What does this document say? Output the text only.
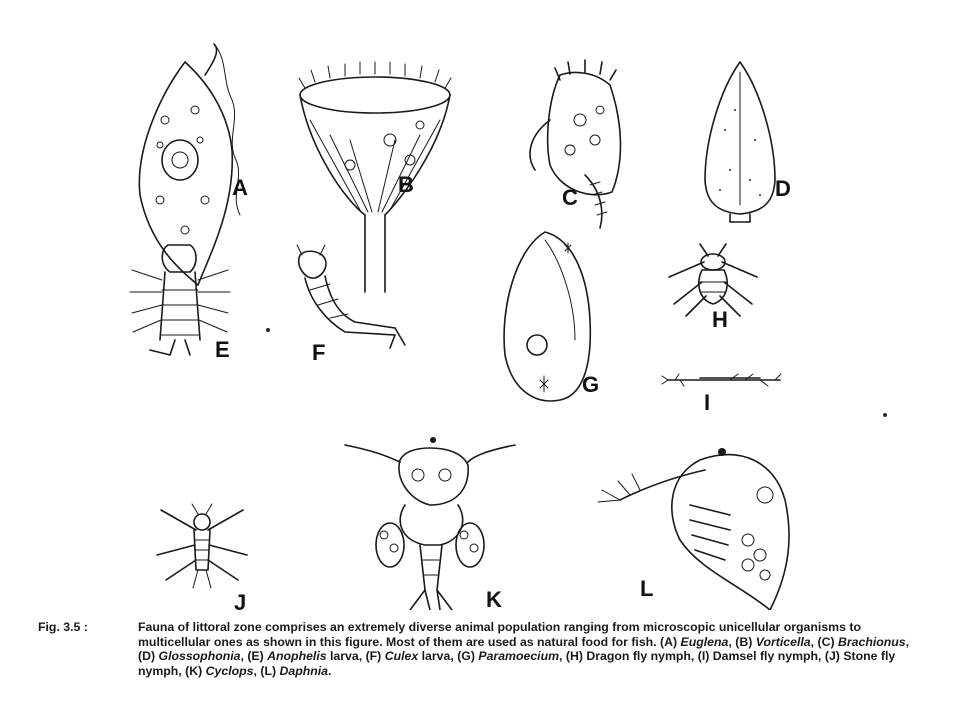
A	B
C	D
E	F
G
H
I
J	K	L
Fig. 3.5 :	Fauna of littoral zone comprises an extremely diverse animal population ranging from microscopic unicellular organisms to multicellular ones as shown in this figure. Most of them are used as natural food for fish. (A) Euglena, (B) Vorticella, (C) Brachionus, (D) Glossophonia, (E) Anophelis larva, (F) Culex larva, (G) Paramoecium, (H) Dragon fly nymph, (I) Damsel fly nymph, (J) Stone fly nymph, (K) Cyclops, (L) Daphnia.
